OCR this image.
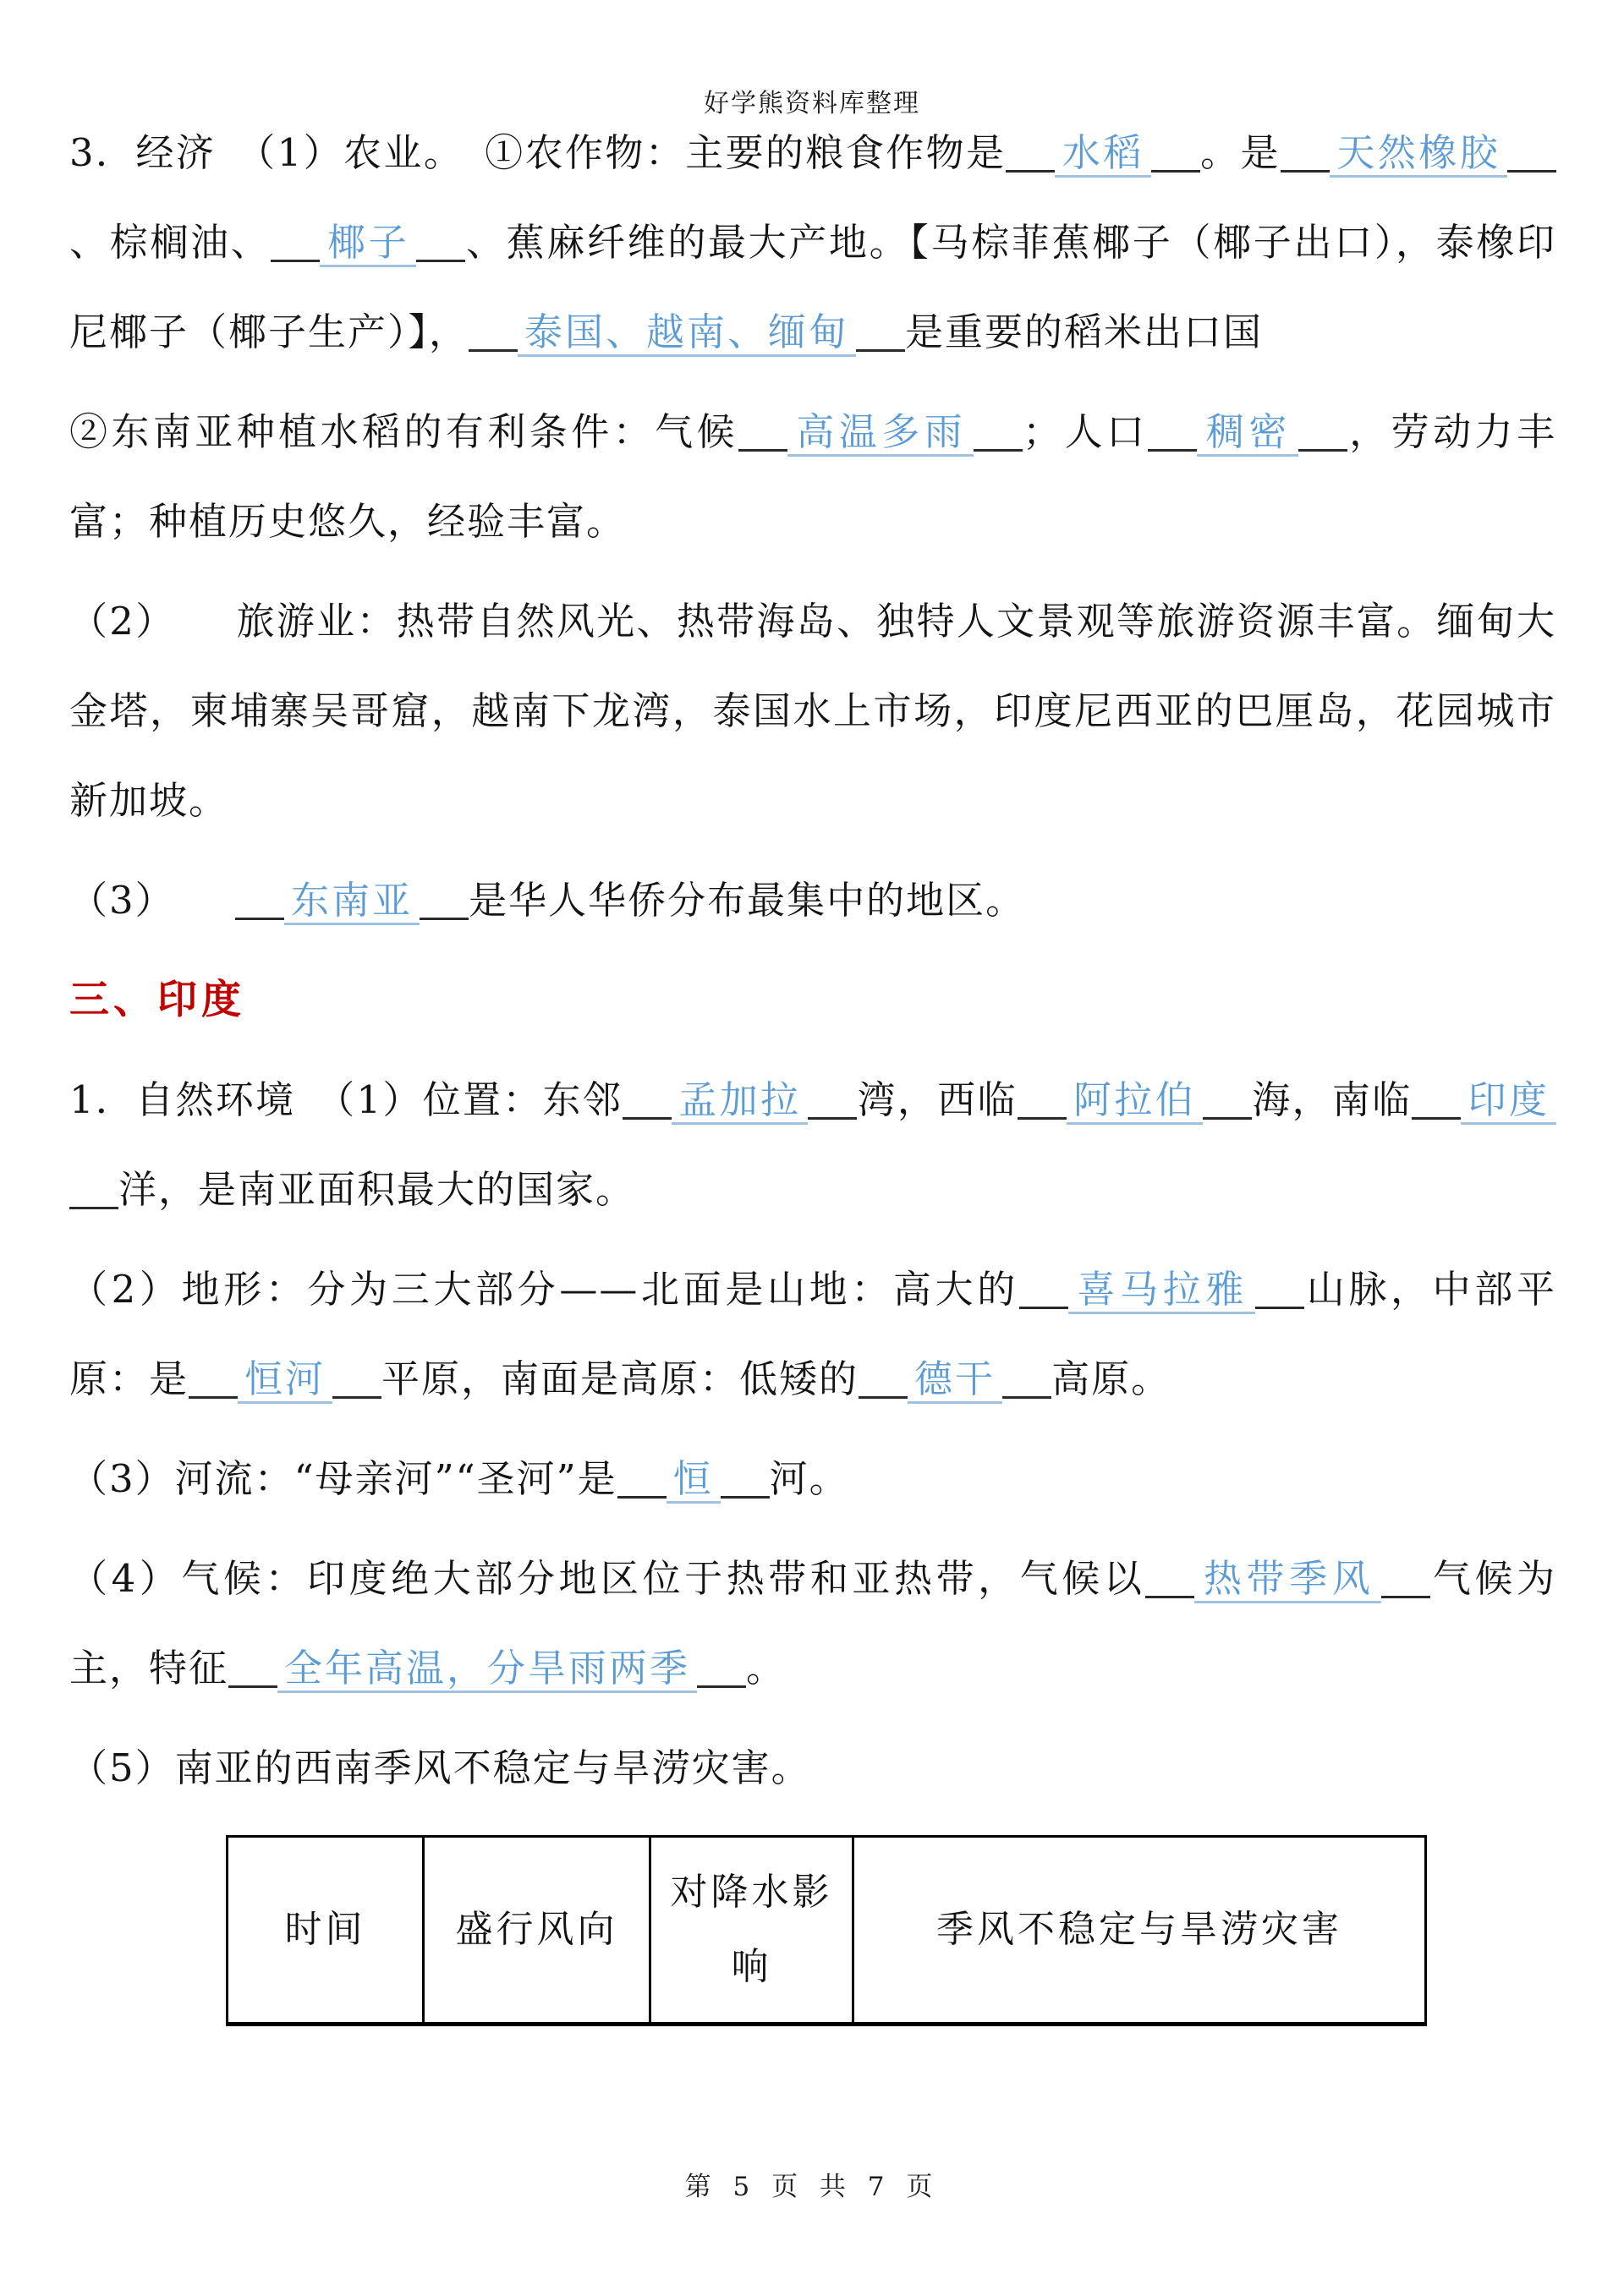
好学熊资料库整理

3．经济　（1）农业。　①农作物：主要的粮食作物是 水稻 。是 天然橡胶、棕榈油、 椰子 、蕉麻纤维的最大产地。【马棕菲蕉椰子（椰子出口），泰橡印尼椰子（椰子生产）】， 泰国、越南、缅甸 是重要的稻米出口国

②东南亚种植水稻的有利条件：气候 高温多雨 ；人口 稠密 ，劳动力丰富；种植历史悠久，经验丰富。

（2）　　旅游业：热带自然风光、热带海岛、独特人文景观等旅游资源丰富。缅甸大金塔，柬埔寨吴哥窟，越南下龙湾，泰国水上市场，印度尼西亚的巴厘岛，花园城市新加坡。

（3）　　东南亚 是华人华侨分布最集中的地区。

三、印度

1．自然环境　（1）位置：东邻 孟加拉 湾，西临 阿拉伯 海，南临 印度洋，是南亚面积最大的国家。

（2）地形：分为三大部分——北面是山地：高大的 喜马拉雅 山脉，中部平原：是 恒河 平原，南面是高原：低矮的 德干 高原。

（3）河流：“母亲河”“圣河”是 恒 河。

（4）气候：印度绝大部分地区位于热带和亚热带，气候以 热带季风 气候为主，特征 全年高温，分旱雨两季 。

（5）南亚的西南季风不稳定与旱涝灾害。

时间	盛行风向	对降水影响	季风不稳定与旱涝灾害
第 5 页 共 7 页
